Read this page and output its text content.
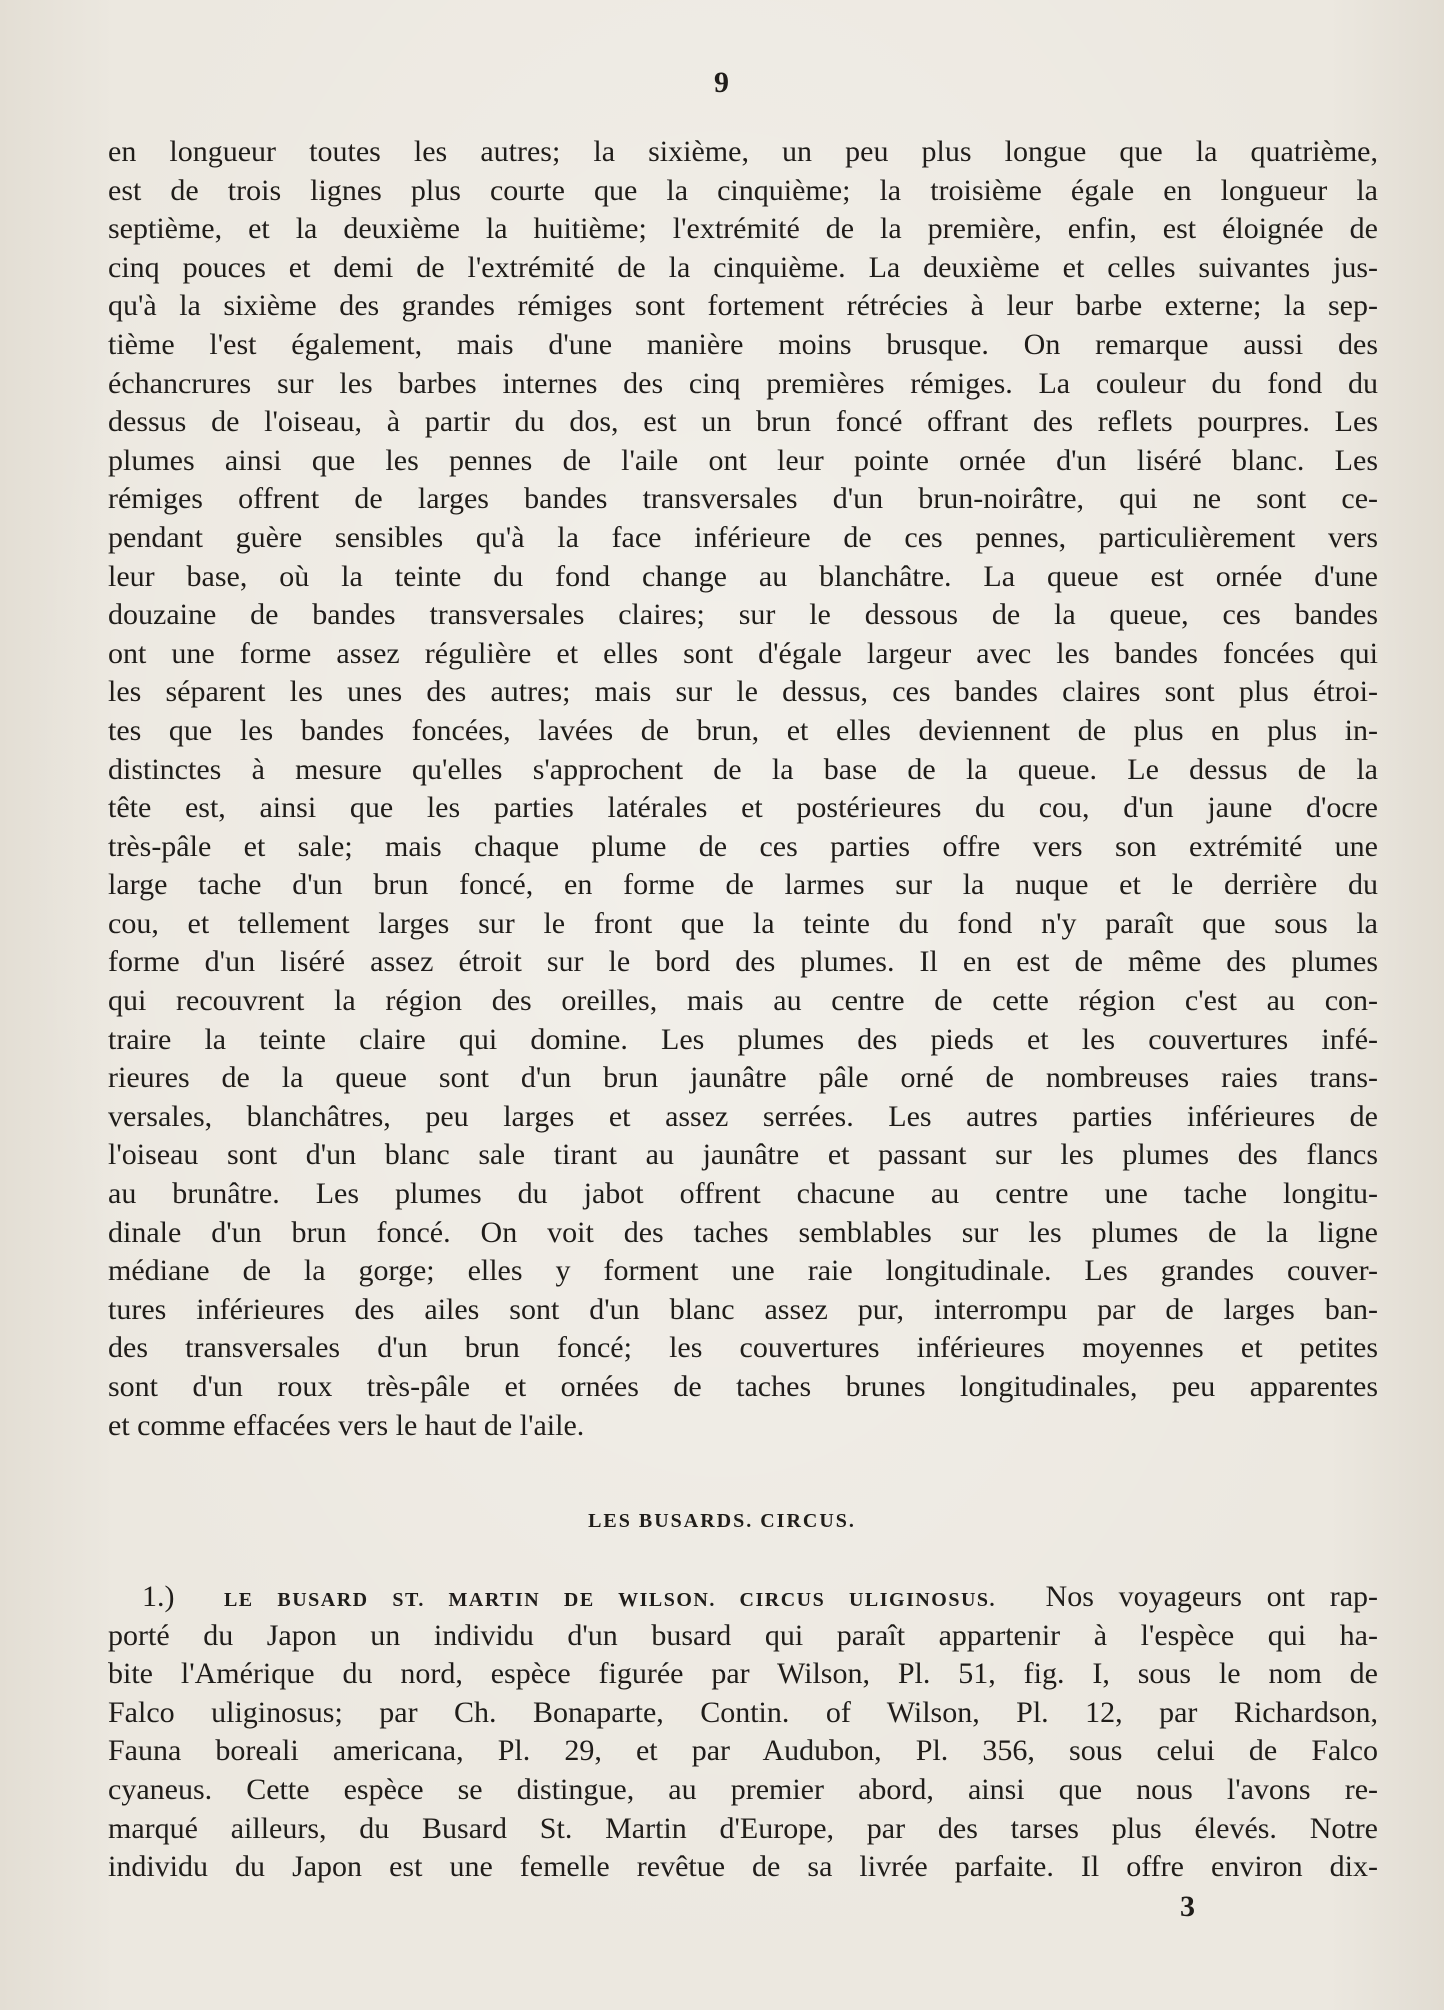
9
en longueur toutes les autres; la sixième, un peu plus longue que la quatrième,
est de trois lignes plus courte que la cinquième; la troisième égale en longueur la
septième, et la deuxième la huitième; l'extrémité de la première, enfin, est éloignée de
cinq pouces et demi de l'extrémité de la cinquième. La deuxième et celles suivantes jus-
qu'à la sixième des grandes rémiges sont fortement rétrécies à leur barbe externe; la sep-
tième l'est également, mais d'une manière moins brusque. On remarque aussi des
échancrures sur les barbes internes des cinq premières rémiges. La couleur du fond du
dessus de l'oiseau, à partir du dos, est un brun foncé offrant des reflets pourpres. Les
plumes ainsi que les pennes de l'aile ont leur pointe ornée d'un liséré blanc. Les
rémiges offrent de larges bandes transversales d'un brun-noirâtre, qui ne sont ce-
pendant guère sensibles qu'à la face inférieure de ces pennes, particulièrement vers
leur base, où la teinte du fond change au blanchâtre. La queue est ornée d'une
douzaine de bandes transversales claires; sur le dessous de la queue, ces bandes
ont une forme assez régulière et elles sont d'égale largeur avec les bandes foncées qui
les séparent les unes des autres; mais sur le dessus, ces bandes claires sont plus étroi-
tes que les bandes foncées, lavées de brun, et elles deviennent de plus en plus in-
distinctes à mesure qu'elles s'approchent de la base de la queue. Le dessus de la
tête est, ainsi que les parties latérales et postérieures du cou, d'un jaune d'ocre
très-pâle et sale; mais chaque plume de ces parties offre vers son extrémité une
large tache d'un brun foncé, en forme de larmes sur la nuque et le derrière du
cou, et tellement larges sur le front que la teinte du fond n'y paraît que sous la
forme d'un liséré assez étroit sur le bord des plumes. Il en est de même des plumes
qui recouvrent la région des oreilles, mais au centre de cette région c'est au con-
traire la teinte claire qui domine. Les plumes des pieds et les couvertures infé-
rieures de la queue sont d'un brun jaunâtre pâle orné de nombreuses raies trans-
versales, blanchâtres, peu larges et assez serrées. Les autres parties inférieures de
l'oiseau sont d'un blanc sale tirant au jaunâtre et passant sur les plumes des flancs
au brunâtre. Les plumes du jabot offrent chacune au centre une tache longitu-
dinale d'un brun foncé. On voit des taches semblables sur les plumes de la ligne
médiane de la gorge; elles y forment une raie longitudinale. Les grandes couver-
tures inférieures des ailes sont d'un blanc assez pur, interrompu par de larges ban-
des transversales d'un brun foncé; les couvertures inférieures moyennes et petites
sont d'un roux très-pâle et ornées de taches brunes longitudinales, peu apparentes
et comme effacées vers le haut de l'aile.
LES BUSARDS. CIRCUS.
1.) LE BUSARD ST. MARTIN DE WILSON. CIRCUS ULIGINOSUS. Nos voyageurs ont rap-
porté du Japon un individu d'un busard qui paraît appartenir à l'espèce qui ha-
bite l'Amérique du nord, espèce figurée par Wilson, Pl. 51, fig. I, sous le nom de
Falco uliginosus; par Ch. Bonaparte, Contin. of Wilson, Pl. 12, par Richardson,
Fauna boreali americana, Pl. 29, et par Audubon, Pl. 356, sous celui de Falco
cyaneus. Cette espèce se distingue, au premier abord, ainsi que nous l'avons re-
marqué ailleurs, du Busard St. Martin d'Europe, par des tarses plus élevés. Notre
individu du Japon est une femelle revêtue de sa livrée parfaite. Il offre environ dix-
3
